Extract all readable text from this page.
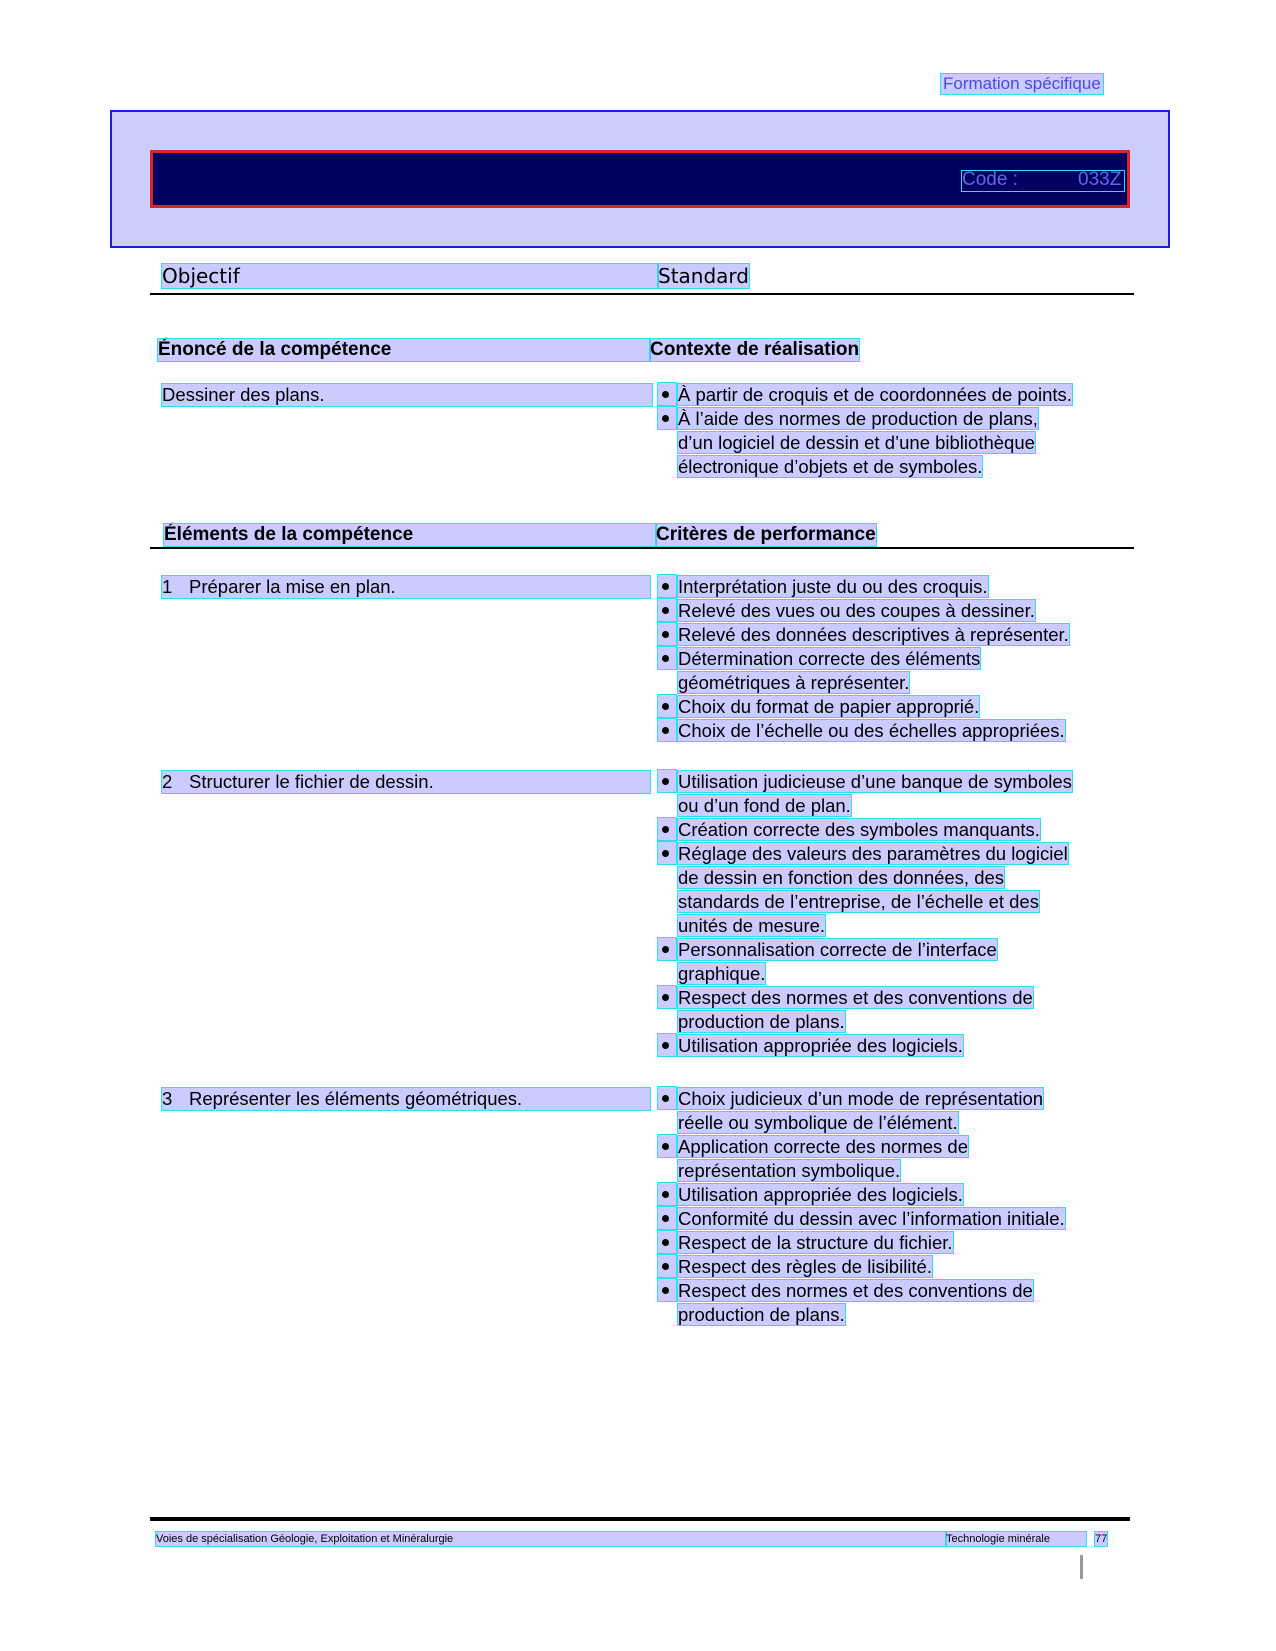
Formation spécifique
Code :	033Z
Objectif	Standard
Énoncé de la compétence	Contexte de réalisation
Dessiner des plans.	À partir de croquis et de coordonnées de points.
À l’aide des normes de production de plans,
d’un logiciel de dessin et d’une bibliothèque
électronique d’objets et de symboles.
Éléments de la compétence	Critères de performance
1 Préparer la mise en plan.	Interprétation juste du ou des croquis.
Relevé des vues ou des coupes à dessiner.
Relevé des données descriptives à représenter.
Détermination correcte des éléments
géométriques à représenter.
Choix du format de papier approprié.
Choix de l’échelle ou des échelles appropriées.
2 Structurer le fichier de dessin.	Utilisation judicieuse d’une banque de symboles
ou d’un fond de plan.
Création correcte des symboles manquants.
Réglage des valeurs des paramètres du logiciel
de dessin en fonction des données, des
standards de l’entreprise, de l’échelle et des
unités de mesure.
Personnalisation correcte de l’interface
graphique.
Respect des normes et des conventions de
production de plans.
Utilisation appropriée des logiciels.
3 Représenter les éléments géométriques.	Choix judicieux d’un mode de représentation
réelle ou symbolique de l’élément.
Application correcte des normes de
représentation symbolique.
Utilisation appropriée des logiciels.
Conformité du dessin avec l’information initiale.
Respect de la structure du fichier.
Respect des règles de lisibilité.
Respect des normes et des conventions de
production de plans.
Voies de spécialisation Géologie, Exploitation et Minéralurgie	Technologie minérale	77
